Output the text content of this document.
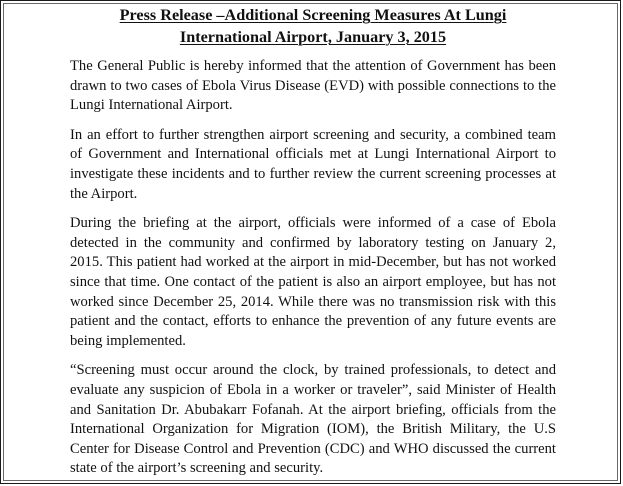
Press Release –Additional Screening Measures At Lungi
International Airport, January 3, 2015

The General Public is hereby informed that the attention of Government has been drawn to two cases of Ebola Virus Disease (EVD) with possible connections to the Lungi International Airport.

In an effort to further strengthen airport screening and security, a combined team of Government and International officials met at Lungi International Airport to investigate these incidents and to further review the current screening processes at the Airport.

During the briefing at the airport, officials were informed of a case of Ebola detected in the community and confirmed by laboratory testing on January 2, 2015. This patient had worked at the airport in mid-December, but has not worked since that time. One contact of the patient is also an airport employee, but has not worked since December 25, 2014. While there was no transmission risk with this patient and the contact, efforts to enhance the prevention of any future events are being implemented.

“Screening must occur around the clock, by trained professionals, to detect and evaluate any suspicion of Ebola in a worker or traveler”, said Minister of Health and Sanitation Dr. Abubakarr Fofanah. At the airport briefing, officials from the International Organization for Migration (IOM), the British Military, the U.S Center for Disease Control and Prevention (CDC) and WHO discussed the current state of the airport’s screening and security.
